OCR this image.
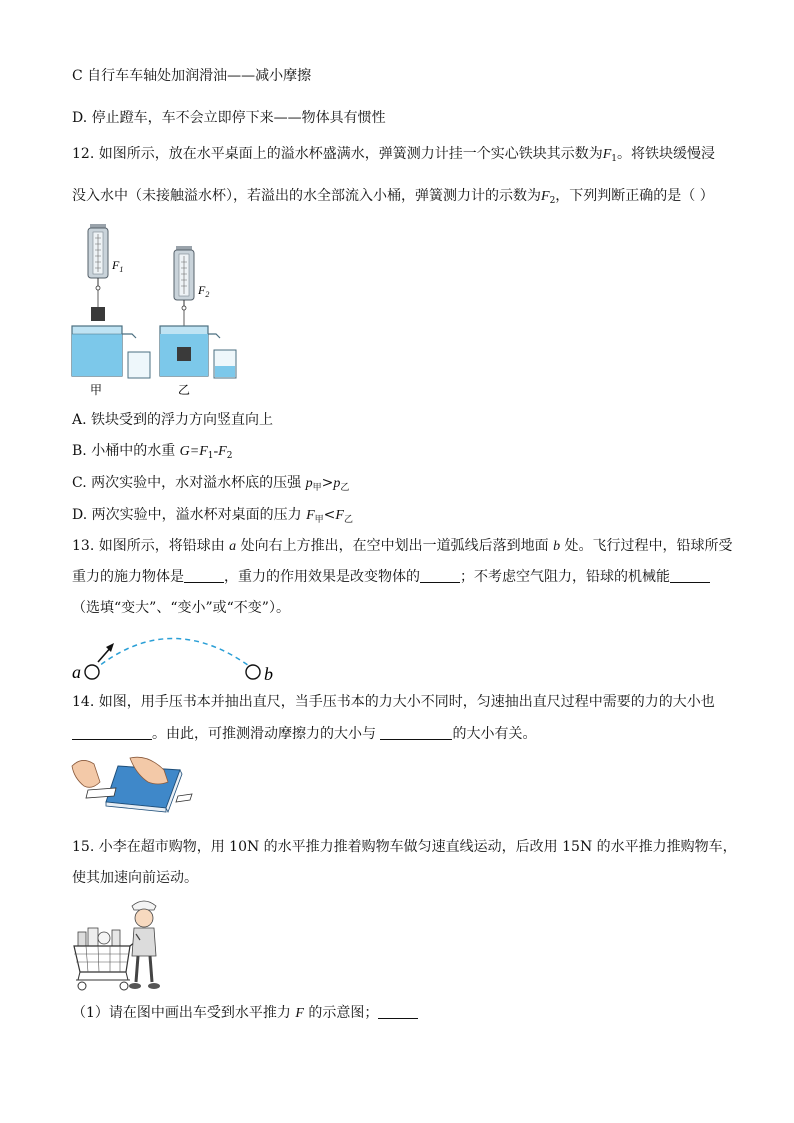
C 自行车车轴处加润滑油——减小摩擦
D. 停止蹬车，车不会立即停下来——物体具有惯性
12. 如图所示，放在水平桌面上的溢水杯盛满水，弹簧测力计挂一个实心铁块其示数为$F_1$。将铁块缓慢浸
没入水中（未接触溢水杯），若溢出的水全部流入小桶，弹簧测力计的示数为$F_2$，下列判断正确的是（ ）
$F_1$
$F_2$
甲	乙
A. 铁块受到的浮力方向竖直向上
B. 小桶中的水重 $G=F_1-F_2$
C. 两次实验中，水对溢水杯底的压强 $p_甲>p_乙$
D. 两次实验中，溢水杯对桌面的压力 $F_甲<F_乙$
13. 如图所示，将铅球由 a 处向右上方推出，在空中划出一道弧线后落到地面 b 处。飞行过程中，铅球所受
重力的施力物体是	，重力的作用效果是改变物体的	；不考虑空气阻力，铅球的机械能
（选填“变大”、“变小”或“不变”）。
a	b
14. 如图，用手压书本并抽出直尺，当手压书本的力大小不同时，匀速抽出直尺过程中需要的力的大小也
。由此，可推测滑动摩擦力的大小与	的大小有关。
15. 小李在超市购物，用 10N 的水平推力推着购物车做匀速直线运动，后改用 15N 的水平推力推购物车，
使其加速向前运动。
（1）请在图中画出车受到水平推力 F 的示意图；
